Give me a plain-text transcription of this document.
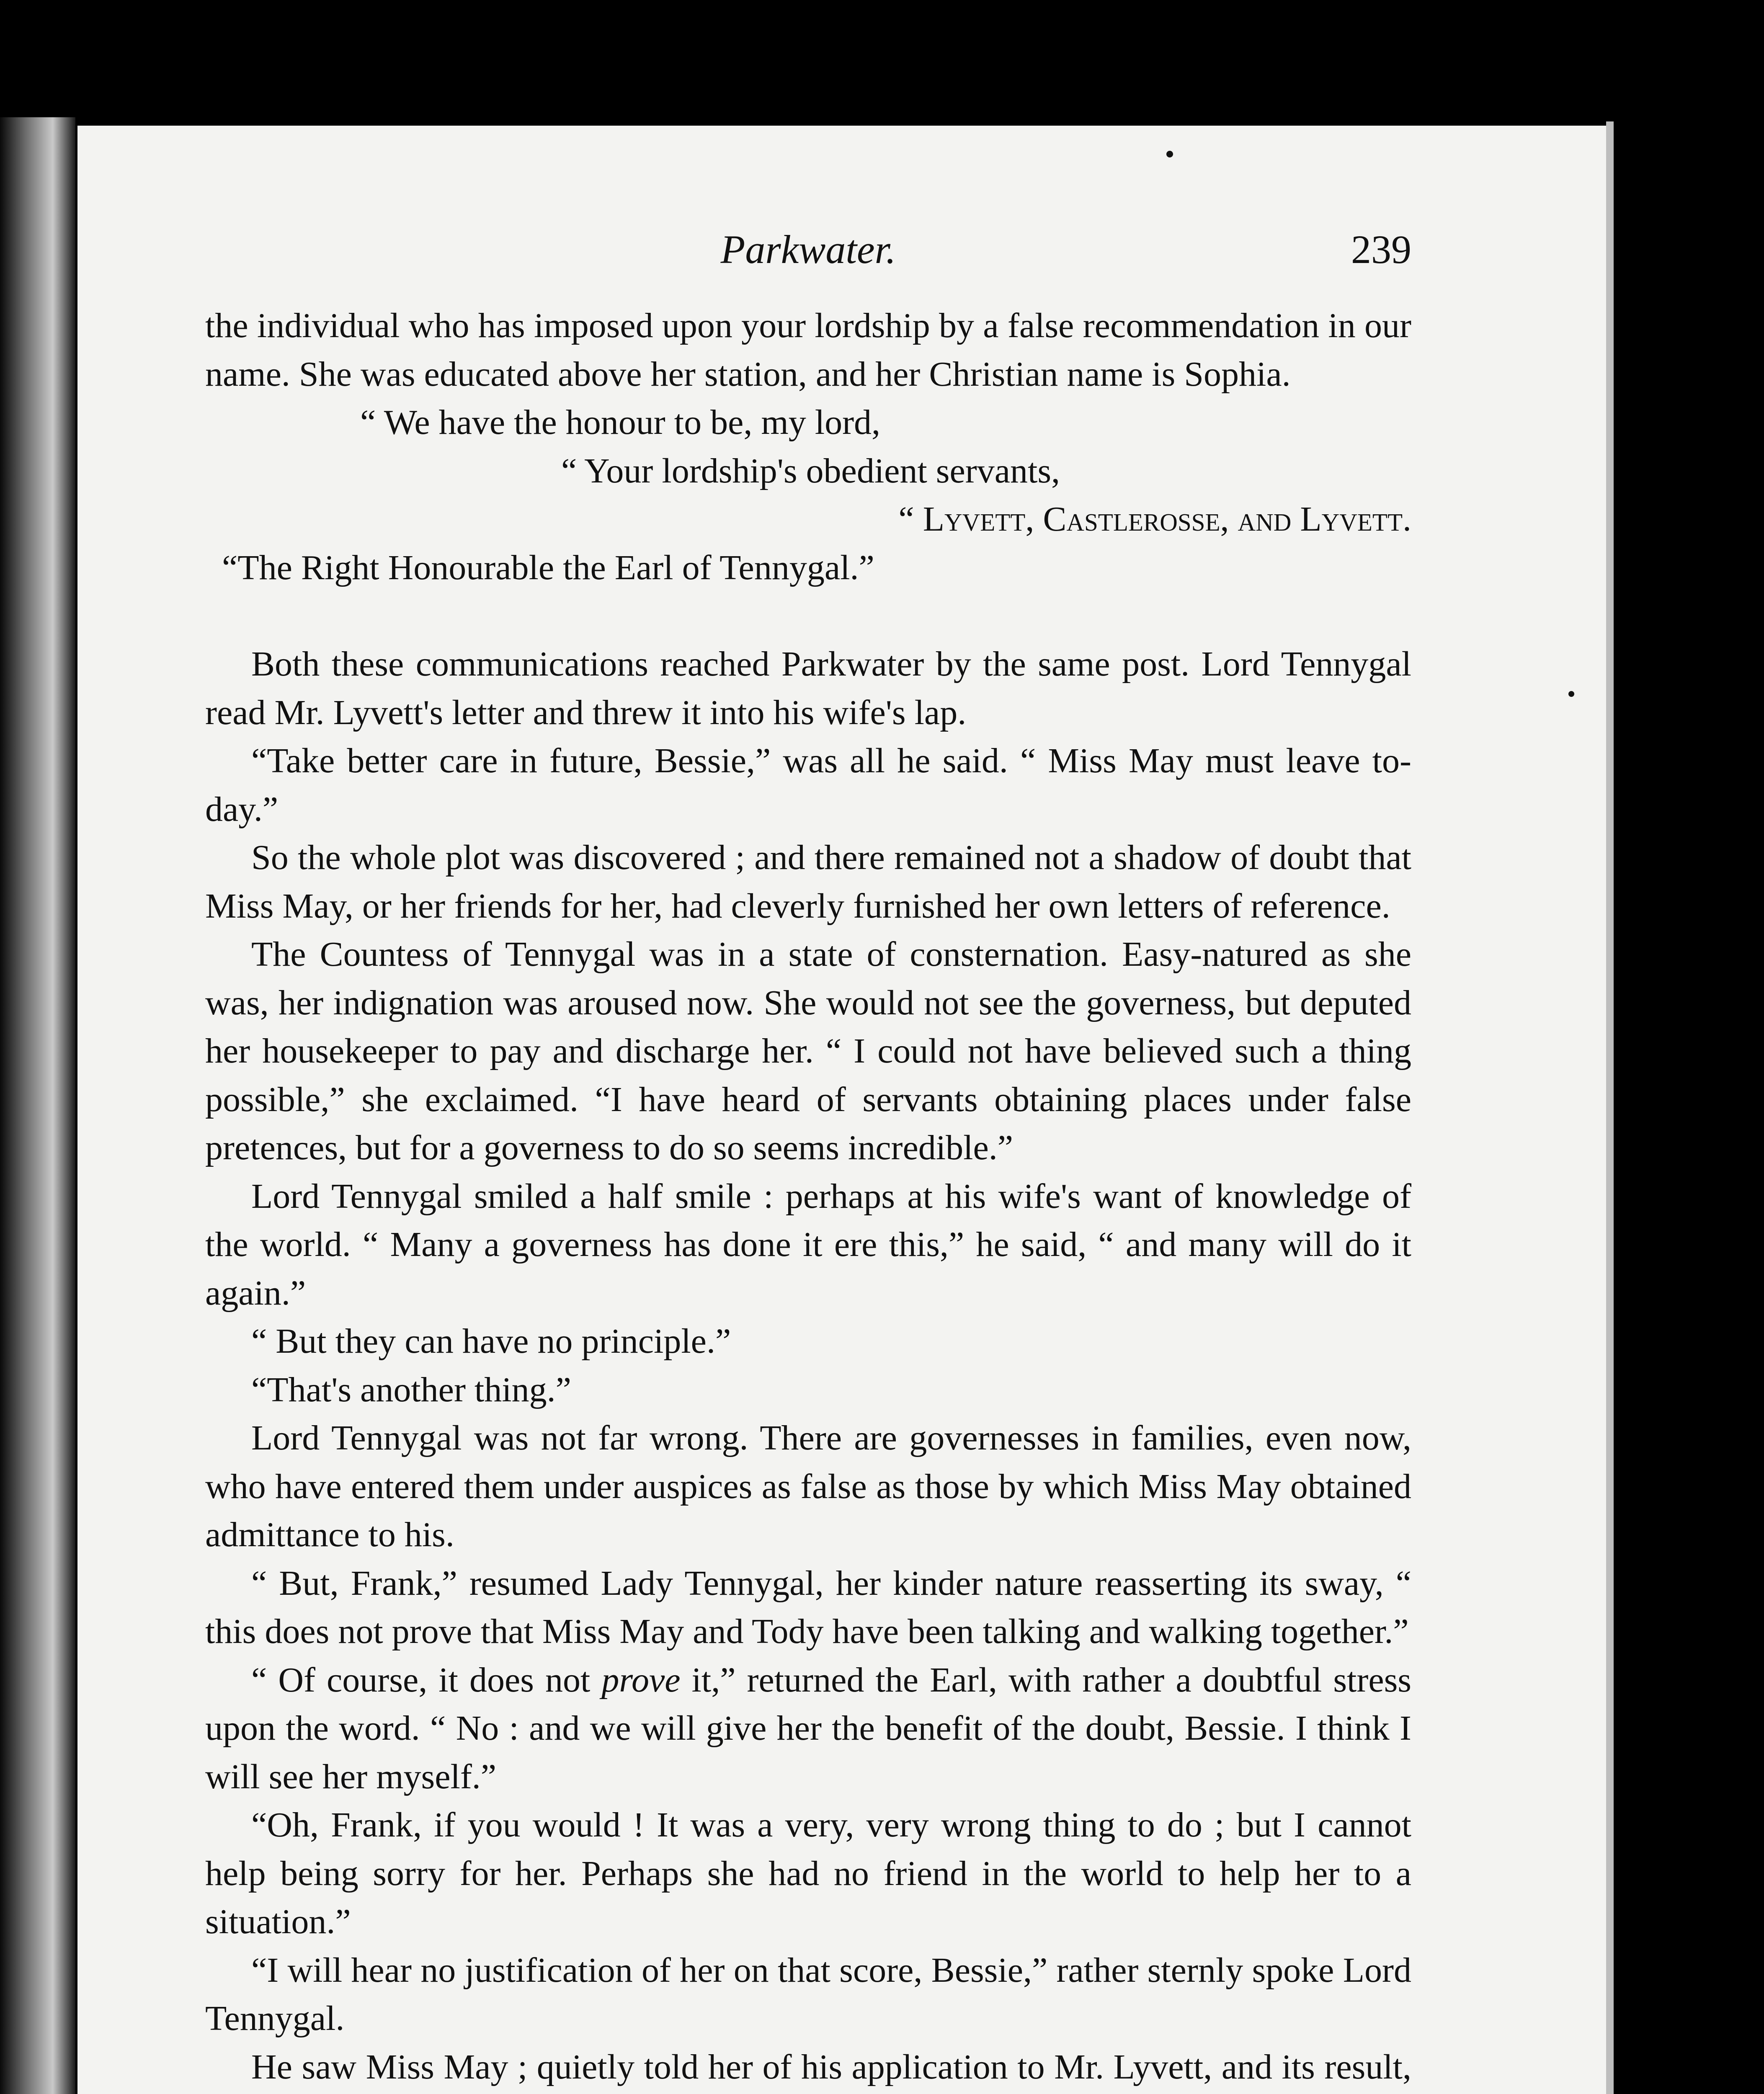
Parkwater.	239

the individual who has imposed upon your lordship by a false recommendation in our name. She was educated above her station, and her Christian name is Sophia.

“ We have the honour to be, my lord,

“ Your lordship's obedient servants,

“ Lyvett, Castlerosse, and Lyvett.

“The Right Honourable the Earl of Tennygal.”

Both these communications reached Parkwater by the same post. Lord Tennygal read Mr. Lyvett's letter and threw it into his wife's lap.

“Take better care in future, Bessie,” was all he said. “ Miss May must leave to-day.”

So the whole plot was discovered ; and there remained not a shadow of doubt that Miss May, or her friends for her, had cleverly furnished her own letters of reference.

The Countess of Tennygal was in a state of consternation. Easy-natured as she was, her indignation was aroused now. She would not see the governess, but deputed her housekeeper to pay and discharge her. “ I could not have believed such a thing possible,” she exclaimed. “I have heard of servants obtaining places under false pretences, but for a governess to do so seems incredible.”

Lord Tennygal smiled a half smile : perhaps at his wife's want of knowledge of the world. “ Many a governess has done it ere this,” he said, “ and many will do it again.”

“ But they can have no principle.”

“That's another thing.”

Lord Tennygal was not far wrong. There are governesses in families, even now, who have entered them under auspices as false as those by which Miss May obtained admittance to his.

“ But, Frank,” resumed Lady Tennygal, her kinder nature reasserting its sway, “ this does not prove that Miss May and Tody have been talking and walking together.”

“ Of course, it does not prove it,” returned the Earl, with rather a doubtful stress upon the word. “ No : and we will give her the benefit of the doubt, Bessie. I think I will see her myself.”

“Oh, Frank, if you would ! It was a very, very wrong thing to do ; but I cannot help being sorry for her. Perhaps she had no friend in the world to help her to a situation.”

“I will hear no justification of her on that score, Bessie,” rather sternly spoke Lord Tennygal.

He saw Miss May ; quietly told her of his application to Mr. Lyvett, and its result,
